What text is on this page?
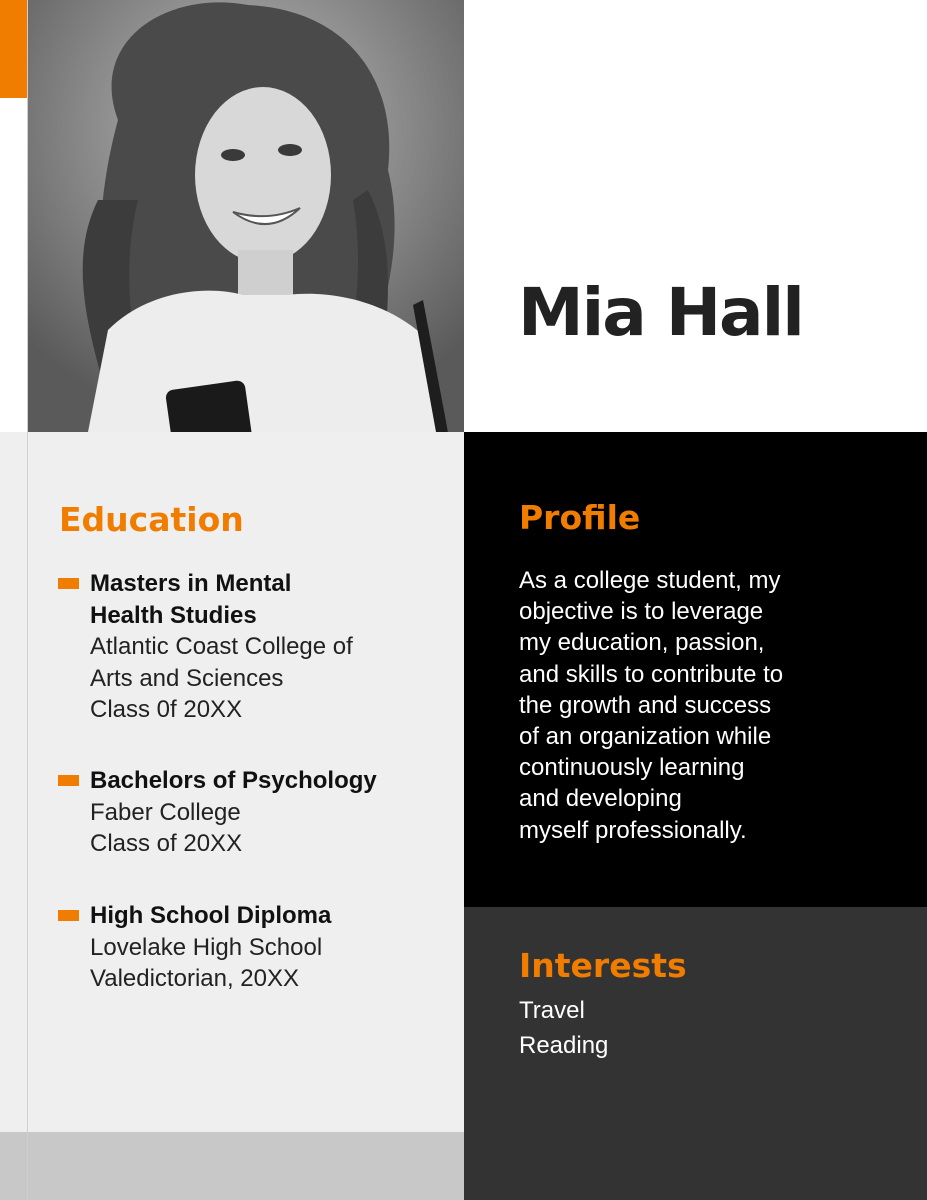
Mia Hall
Education
Masters in Mental
Health Studies
Atlantic Coast College of
Arts and Sciences
Class 0f 20XX
Bachelors of Psychology
Faber College
Class of 20XX
High School Diploma
Lovelake High School
Valedictorian, 20XX
Profile
As a college student, my
objective is to leverage
my education, passion,
and skills to contribute to
the growth and success
of an organization while
continuously learning
and developing
myself professionally.
Interests
Travel
Reading
